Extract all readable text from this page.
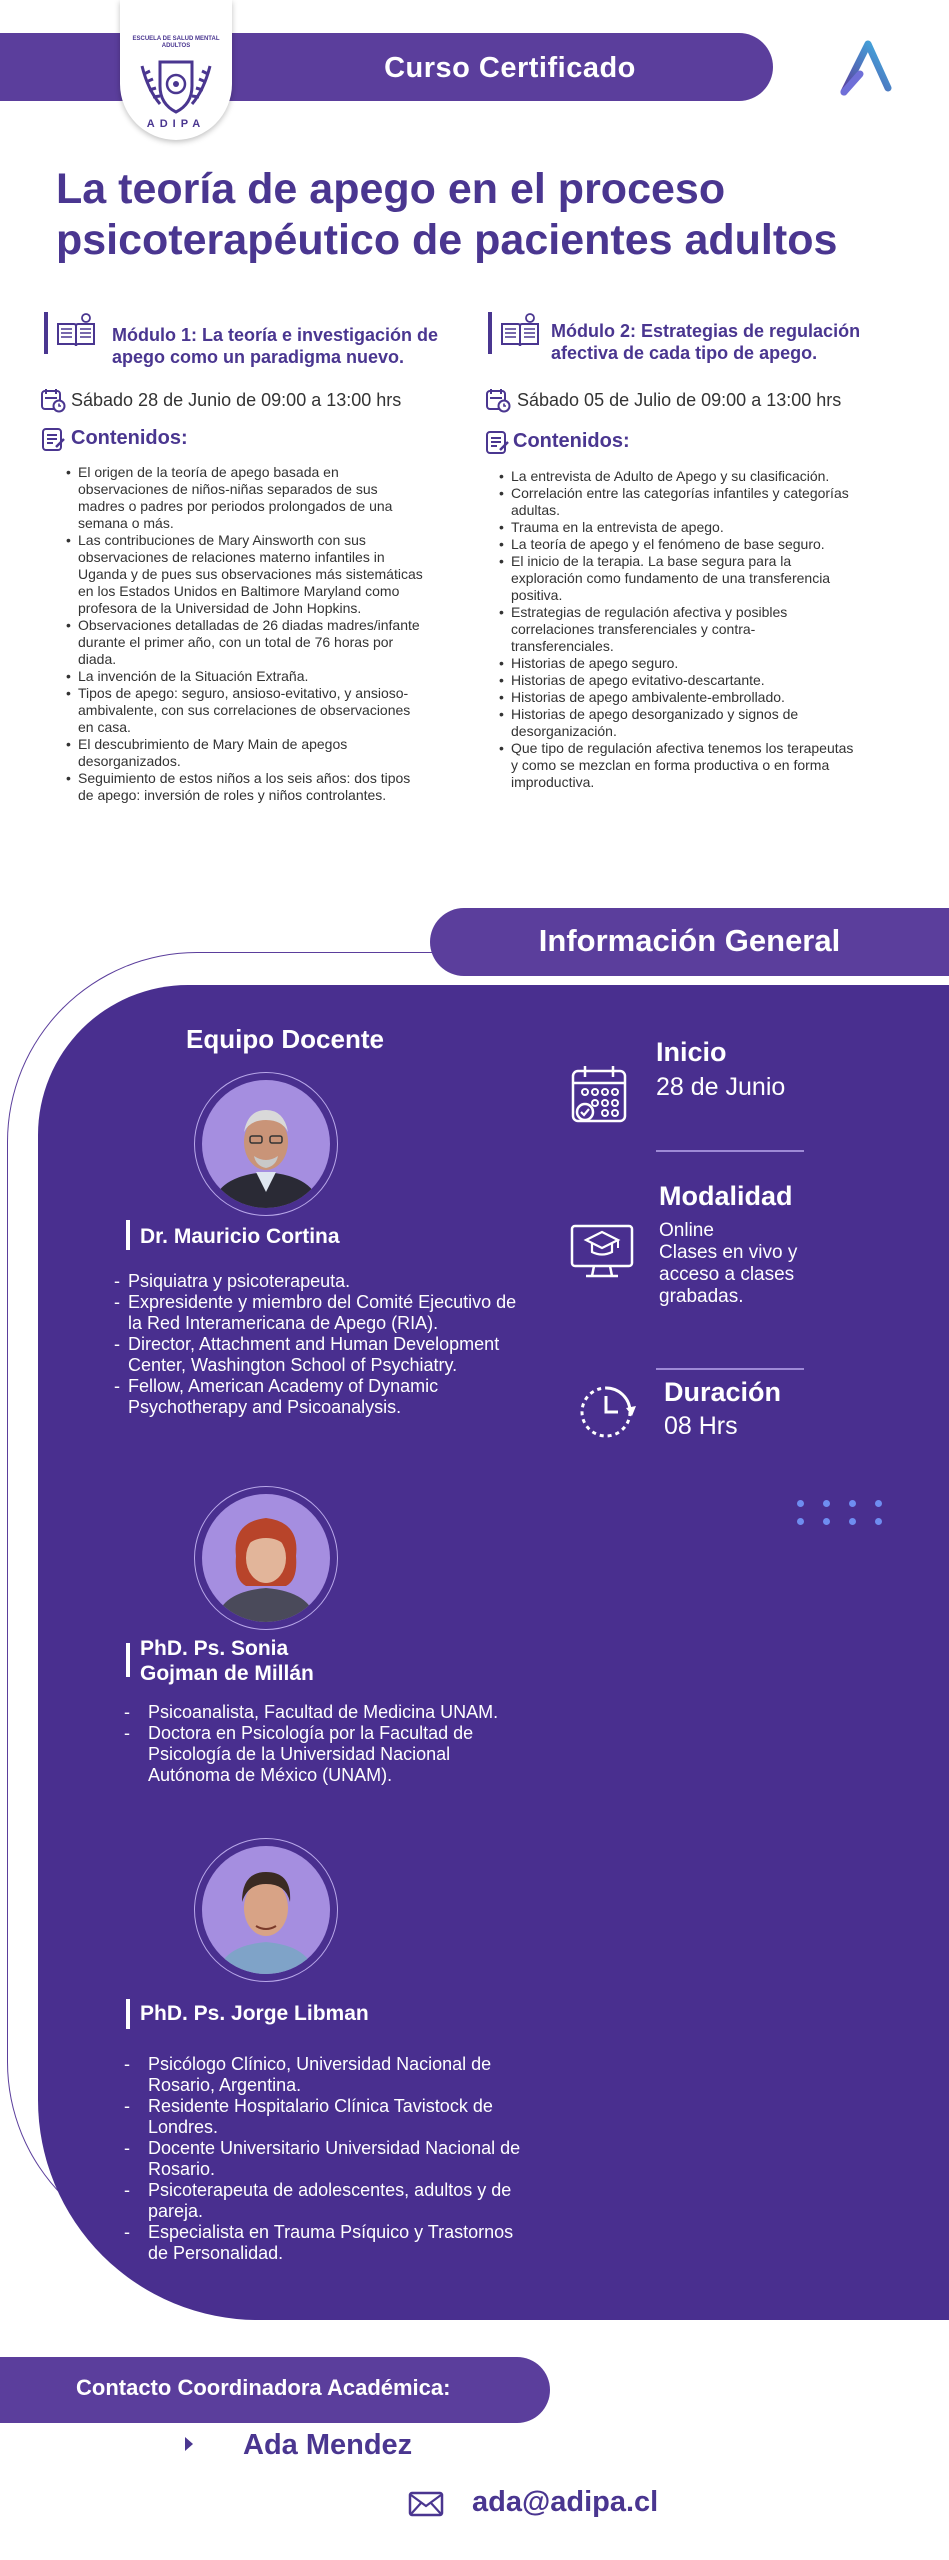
Curso Certificado
ESCUELA DE SALUD MENTAL ADULTOS
ADIPA
La teoría de apego en el proceso psicoterapéutico de pacientes adultos
Módulo 1: La teoría e investigación de apego como un paradigma nuevo.
Sábado 28 de Junio de 09:00 a 13:00 hrs
Contenidos:
• El origen de la teoría de apego basada en observaciones de niños-niñas separados de sus madres o padres por periodos prolongados de una semana o más.
• Las contribuciones de Mary Ainsworth con sus observaciones de relaciones materno infantiles in Uganda y de pues sus observaciones más sistemáticas en los Estados Unidos en Baltimore Maryland como profesora de la Universidad de John Hopkins.
• Observaciones detalladas de 26 diadas madres/infante durante el primer año, con un total de 76 horas por diada.
• La invención de la Situación Extraña.
• Tipos de apego: seguro, ansioso-evitativo, y ansioso-ambivalente, con sus correlaciones de observaciones en casa.
• El descubrimiento de Mary Main de apegos desorganizados.
• Seguimiento de estos niños a los seis años: dos tipos de apego: inversión de roles y niños controlantes.
Módulo 2: Estrategias de regulación afectiva de cada tipo de apego.
Sábado 05 de Julio de 09:00 a 13:00 hrs
Contenidos:
• La entrevista de Adulto de Apego y su clasificación.
• Correlación entre las categorías infantiles y categorías adultas.
• Trauma en la entrevista de apego.
• La teoría de apego y el fenómeno de base seguro.
• El inicio de la terapia. La base segura para la exploración como fundamento de una transferencia positiva.
• Estrategias de regulación afectiva y posibles correlaciones transferenciales y contra-transferenciales.
• Historias de apego seguro.
• Historias de apego evitativo-descartante.
• Historias de apego ambivalente-embrollado.
• Historias de apego desorganizado y signos de desorganización.
• Que tipo de regulación afectiva tenemos los terapeutas y como se mezclan en forma productiva o en forma improductiva.
Información General
Equipo Docente
Dr. Mauricio Cortina
- Psiquiatra y psicoterapeuta.
- Expresidente y miembro del Comité Ejecutivo de la Red Interamericana de Apego (RIA).
- Director, Attachment and Human Development Center, Washington School of Psychiatry.
- Fellow, American Academy of Dynamic Psychotherapy and Psicoanalysis.
PhD. Ps. Sonia Gojman de Millán
- Psicoanalista, Facultad de Medicina UNAM.
- Doctora en Psicología por la Facultad de Psicología de la Universidad Nacional Autónoma de México (UNAM).
PhD. Ps. Jorge Libman
- Psicólogo Clínico, Universidad Nacional de Rosario, Argentina.
- Residente Hospitalario Clínica Tavistock de Londres.
- Docente Universitario Universidad Nacional de Rosario.
- Psicoterapeuta de adolescentes, adultos y de pareja.
- Especialista en Trauma Psíquico y Trastornos de Personalidad.
Inicio
28 de Junio
Modalidad
Online
Clases en vivo y acceso a clases grabadas.
Duración
08 Hrs
Contacto Coordinadora Académica:
Ada Mendez
ada@adipa.cl
